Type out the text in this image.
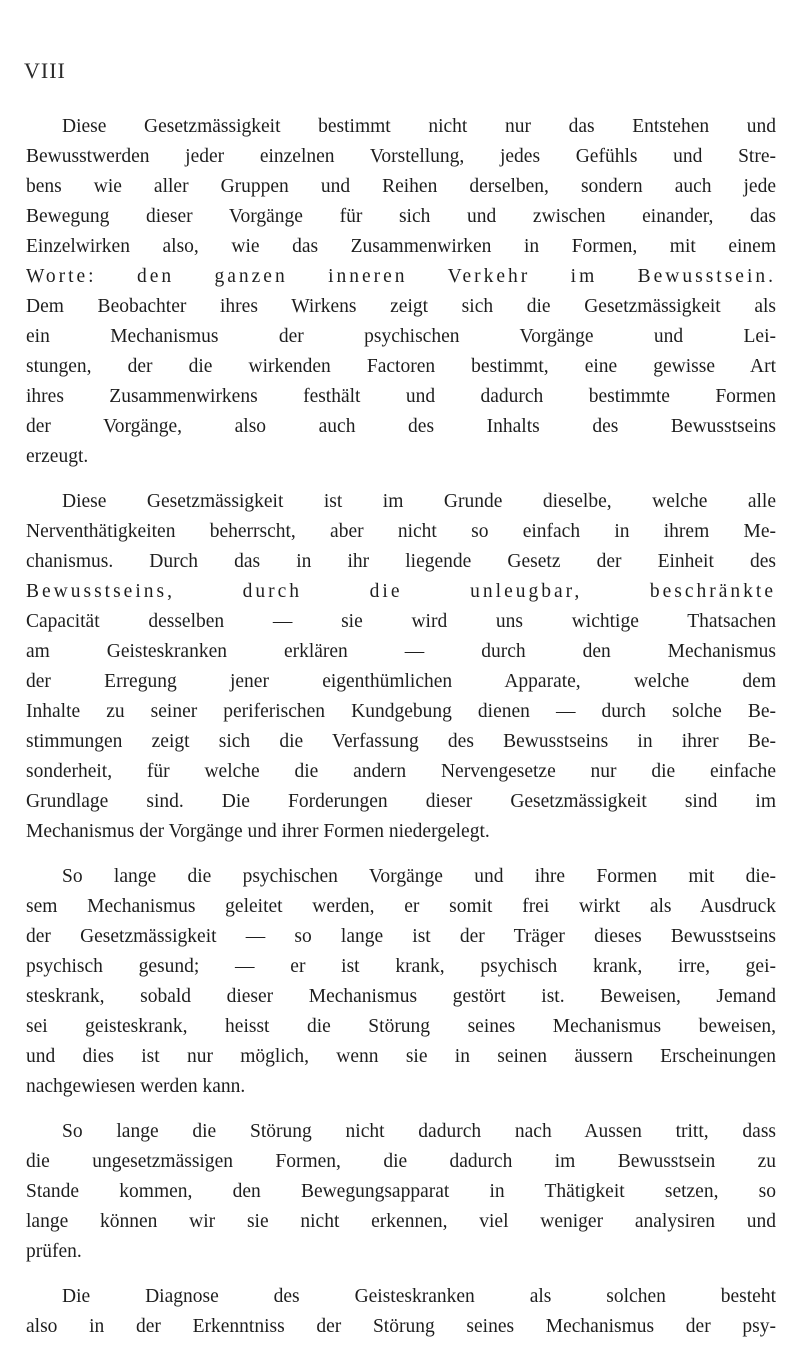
VIII
Diese Gesetzmässigkeit bestimmt nicht nur das Entstehen und
Bewusstwerden jeder einzelnen Vorstellung, jedes Gefühls und Stre-
bens wie aller Gruppen und Reihen derselben, sondern auch jede
Bewegung dieser Vorgänge für sich und zwischen einander, das
Einzelwirken also, wie das Zusammenwirken in Formen, mit einem
Worte: den ganzen inneren Verkehr im Bewusstsein.
Dem Beobachter ihres Wirkens zeigt sich die Gesetzmässigkeit als
ein Mechanismus der psychischen Vorgänge und Lei-
stungen, der die wirkenden Factoren bestimmt, eine gewisse Art
ihres Zusammenwirkens festhält und dadurch bestimmte Formen
der Vorgänge, also auch des Inhalts des Bewusstseins
erzeugt.
Diese Gesetzmässigkeit ist im Grunde dieselbe, welche alle
Nerventhätigkeiten beherrscht, aber nicht so einfach in ihrem Me-
chanismus. Durch das in ihr liegende Gesetz der Einheit des
Bewusstseins, durch die unleugbar, beschränkte
Capacität desselben — sie wird uns wichtige Thatsachen
am Geisteskranken erklären — durch den Mechanismus
der Erregung jener eigenthümlichen Apparate, welche dem
Inhalte zu seiner periferischen Kundgebung dienen — durch solche Be-
stimmungen zeigt sich die Verfassung des Bewusstseins in ihrer Be-
sonderheit, für welche die andern Nervengesetze nur die einfache
Grundlage sind. Die Forderungen dieser Gesetzmässigkeit sind im
Mechanismus der Vorgänge und ihrer Formen niedergelegt.
So lange die psychischen Vorgänge und ihre Formen mit die-
sem Mechanismus geleitet werden, er somit frei wirkt als Ausdruck
der Gesetzmässigkeit — so lange ist der Träger dieses Bewusstseins
psychisch gesund; — er ist krank, psychisch krank, irre, gei-
steskrank, sobald dieser Mechanismus gestört ist. Beweisen, Jemand
sei geisteskrank, heisst die Störung seines Mechanismus beweisen,
und dies ist nur möglich, wenn sie in seinen äussern Erscheinungen
nachgewiesen werden kann.
So lange die Störung nicht dadurch nach Aussen tritt, dass
die ungesetzmässigen Formen, die dadurch im Bewusstsein zu
Stande kommen, den Bewegungsapparat in Thätigkeit setzen, so
lange können wir sie nicht erkennen, viel weniger analysiren und
prüfen.
Die Diagnose des Geisteskranken als solchen besteht
also in der Erkenntniss der Störung seines Mechanismus der psy-
